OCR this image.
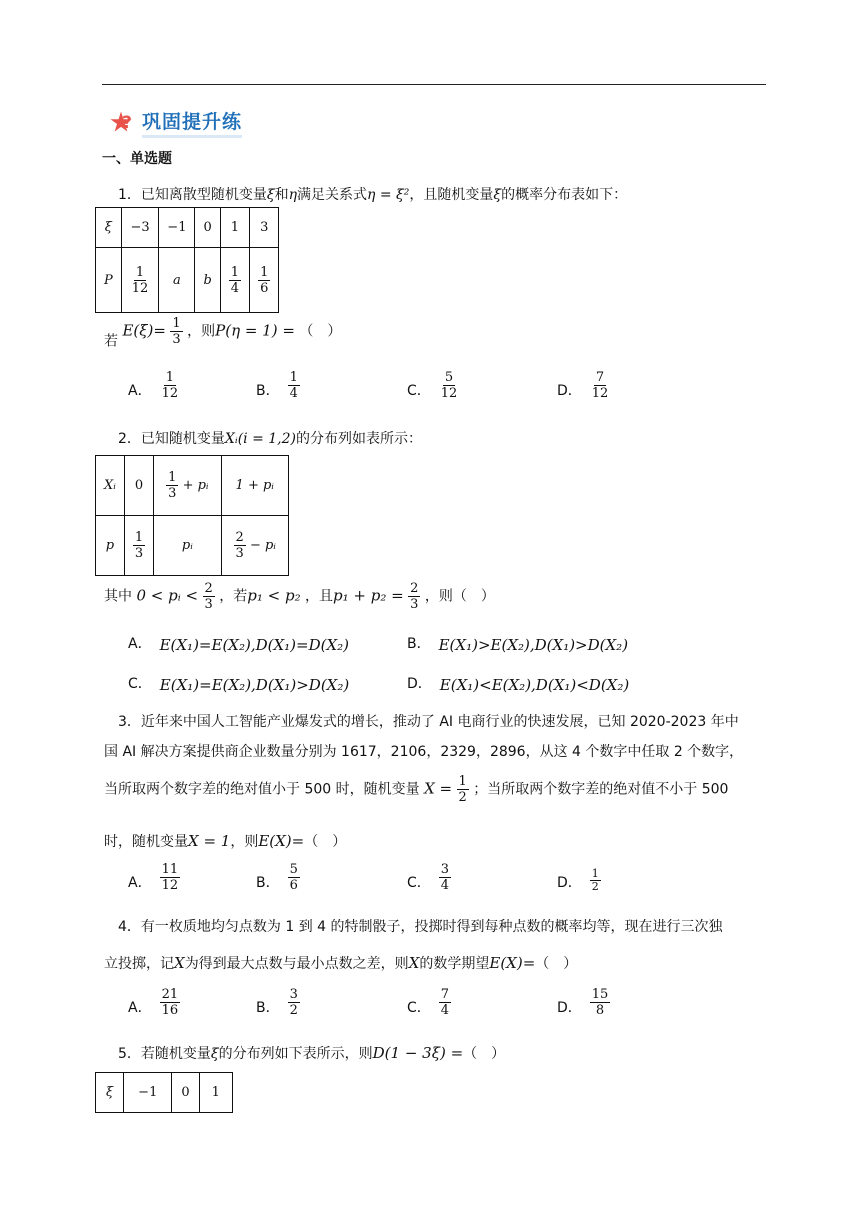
? 巩固提升练
一、单选题
1．已知离散型随机变量ξ和η满足关系式η = ξ²，且随机变量ξ的概率分布表如下：
ξ	−3	−1	0	1	3
P	$\frac{1}{12}$	a	b	$\frac{1}{4}$	$\frac{1}{6}$
若 $E(\xi)= \frac{1}{3}$ ，则P(η = 1) = （　）
A． $\frac{1}{12}$	B． $\frac{1}{4}$	C． $\frac{5}{12}$	D． $\frac{7}{12}$
2．已知随机变量Xᵢ(i = 1,2)的分布列如表所示：
Xᵢ	0	$\frac{1}{3}$ + pᵢ	1 + pᵢ
p	$\frac{1}{3}$	pᵢ	$\frac{2}{3}$ − pᵢ
其中 0 < pᵢ < $\frac{2}{3}$ ，若p₁ < p₂ ，且$p_1 + p_2 = \frac{2}{3}$ ，则（　）
A． E(X₁)=E(X₂),D(X₁)=D(X₂)	B． E(X₁)>E(X₂),D(X₁)>D(X₂)
C． E(X₁)=E(X₂),D(X₁)>D(X₂)	D． E(X₁)<E(X₂),D(X₁)<D(X₂)
3．近年来中国人工智能产业爆发式的增长，推动了 AI 电商行业的快速发展，已知 2020-2023 年中
国 AI 解决方案提供商企业数量分别为 1617，2106，2329，2896，从这 4 个数字中任取 2 个数字，
当所取两个数字差的绝对值小于 500 时，随机变量 $X = \frac{1}{2}$ ；当所取两个数字差的绝对值不小于 500
时，随机变量X = 1，则E(X)=（　）
A． $\frac{11}{12}$	B． $\frac{5}{6}$	C． $\frac{3}{4}$	D． $\frac{1}{2}$
4．有一枚质地均匀点数为 1 到 4 的特制骰子，投掷时得到每种点数的概率均等，现在进行三次独
立投掷，记X为得到最大点数与最小点数之差，则X的数学期望E(X)=（　）
A． $\frac{21}{16}$	B． $\frac{3}{2}$	C． $\frac{7}{4}$	D． $\frac{15}{8}$
5．若随机变量ξ的分布列如下表所示，则D(1 − 3ξ) =（　）
ξ	−1	0	1
